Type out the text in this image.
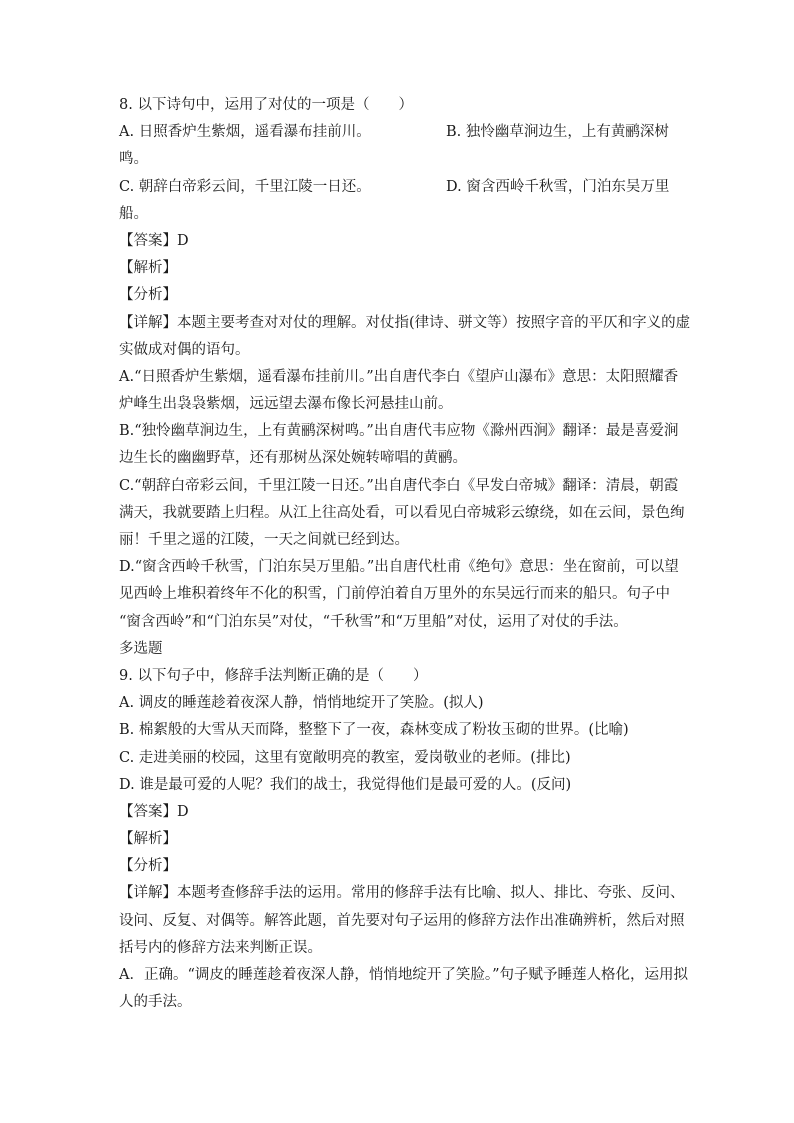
8. 以下诗句中，运用了对仗的一项是（　　）
A. 日照香炉生紫烟，遥看瀑布挂前川。	B. 独怜幽草涧边生，上有黄鹂深树
鸣。
C. 朝辞白帝彩云间，千里江陵一日还。	D. 窗含西岭千秋雪，门泊东吴万里
船。
【答案】D
【解析】
【分析】
【详解】本题主要考查对对仗的理解。对仗指(律诗、骈文等）按照字音的平仄和字义的虚
实做成对偶的语句。
A.“日照香炉生紫烟，遥看瀑布挂前川。”出自唐代李白《望庐山瀑布》意思：太阳照耀香
炉峰生出袅袅紫烟，远远望去瀑布像长河悬挂山前。
B.“独怜幽草涧边生，上有黄鹂深树鸣。”出自唐代韦应物《滁州西涧》翻译：最是喜爱涧
边生长的幽幽野草，还有那树丛深处婉转啼唱的黄鹂。
C.“朝辞白帝彩云间，千里江陵一日还。”出自唐代李白《早发白帝城》翻译：清晨，朝霞
满天，我就要踏上归程。从江上往高处看，可以看见白帝城彩云缭绕，如在云间，景色绚
丽！千里之遥的江陵，一天之间就已经到达。
D.“窗含西岭千秋雪，门泊东吴万里船。”出自唐代杜甫《绝句》意思：坐在窗前，可以望
见西岭上堆积着终年不化的积雪，门前停泊着自万里外的东吴远行而来的船只。句子中
“窗含西岭”和“门泊东吴”对仗，“千秋雪”和“万里船”对仗，运用了对仗的手法。
多选题
9. 以下句子中，修辞手法判断正确的是（　　）
A. 调皮的睡莲趁着夜深人静，悄悄地绽开了笑脸。(拟人)
B. 棉絮般的大雪从天而降，整整下了一夜，森林变成了粉妆玉砌的世界。(比喻)
C. 走进美丽的校园，这里有宽敞明亮的教室，爱岗敬业的老师。(排比)
D. 谁是最可爱的人呢？我们的战士，我觉得他们是最可爱的人。(反问)
【答案】D
【解析】
【分析】
【详解】本题考查修辞手法的运用。常用的修辞手法有比喻、拟人、排比、夸张、反问、
设问、反复、对偶等。解答此题，首先要对句子运用的修辞方法作出准确辨析，然后对照
括号内的修辞方法来判断正误。
A．正确。“调皮的睡莲趁着夜深人静，悄悄地绽开了笑脸。”句子赋予睡莲人格化，运用拟
人的手法。
